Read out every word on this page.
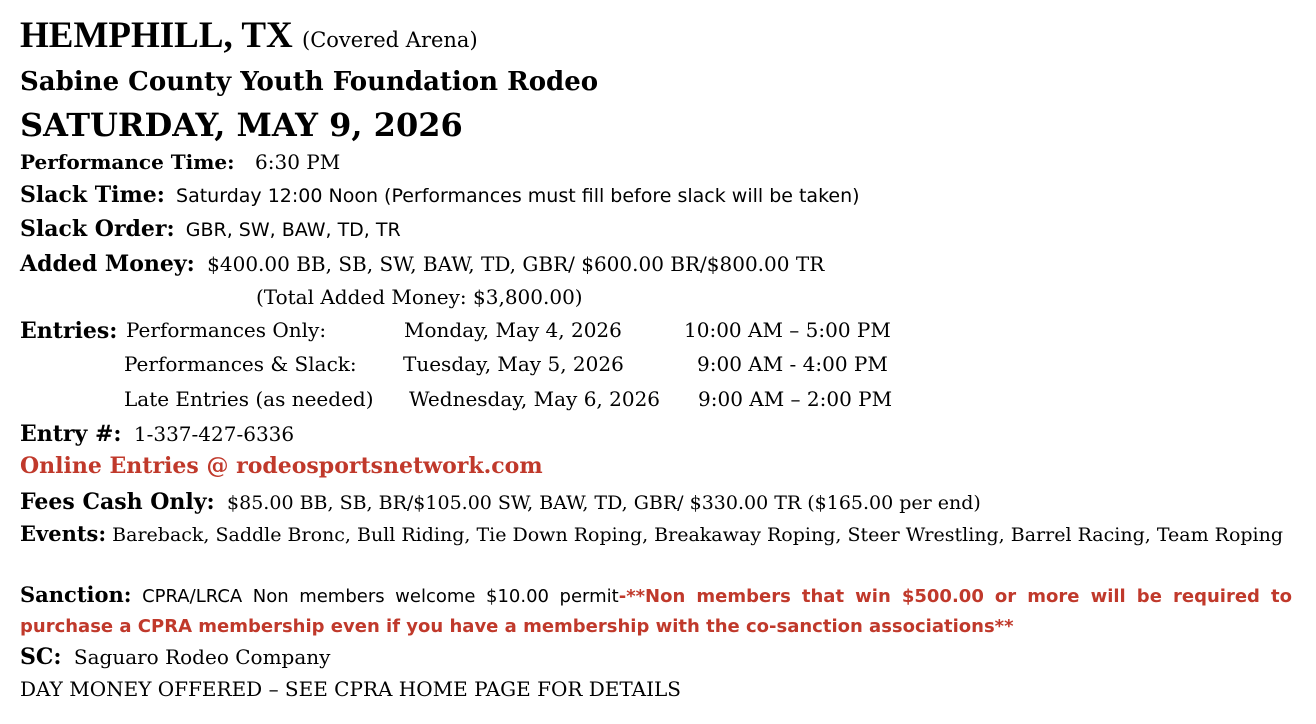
HEMPHILL, TX (Covered Arena)
Sabine County Youth Foundation Rodeo
SATURDAY, MAY 9, 2026
Performance Time: 6:30 PM
Slack Time: Saturday 12:00 Noon (Performances must fill before slack will be taken)
Slack Order: GBR, SW, BAW, TD, TR
Added Money: $400.00 BB, SB, SW, BAW, TD, GBR/ $600.00 BR/$800.00 TR
(Total Added Money: $3,800.00)
Entries: Performances Only:	Monday, May 4, 2026	10:00 AM – 5:00 PM
Performances & Slack: Tuesday, May 5, 2026	9:00 AM - 4:00 PM
Late Entries (as needed) Wednesday, May 6, 2026 9:00 AM – 2:00 PM
Entry #: 1-337-427-6336
Online Entries @ rodeosportsnetwork.com
Fees Cash Only: $85.00 BB, SB, BR/$105.00 SW, BAW, TD, GBR/ $330.00 TR ($165.00 per end)
Events: Bareback, Saddle Bronc, Bull Riding, Tie Down Roping, Breakaway Roping, Steer Wrestling, Barrel Racing, Team Roping
Sanction: CPRA/LRCA Non members welcome $10.00 permit-**Non members that win $500.00 or more will be required to purchase a CPRA membership even if you have a membership with the co-sanction associations**
SC: Saguaro Rodeo Company
DAY MONEY OFFERED – SEE CPRA HOME PAGE FOR DETAILS
